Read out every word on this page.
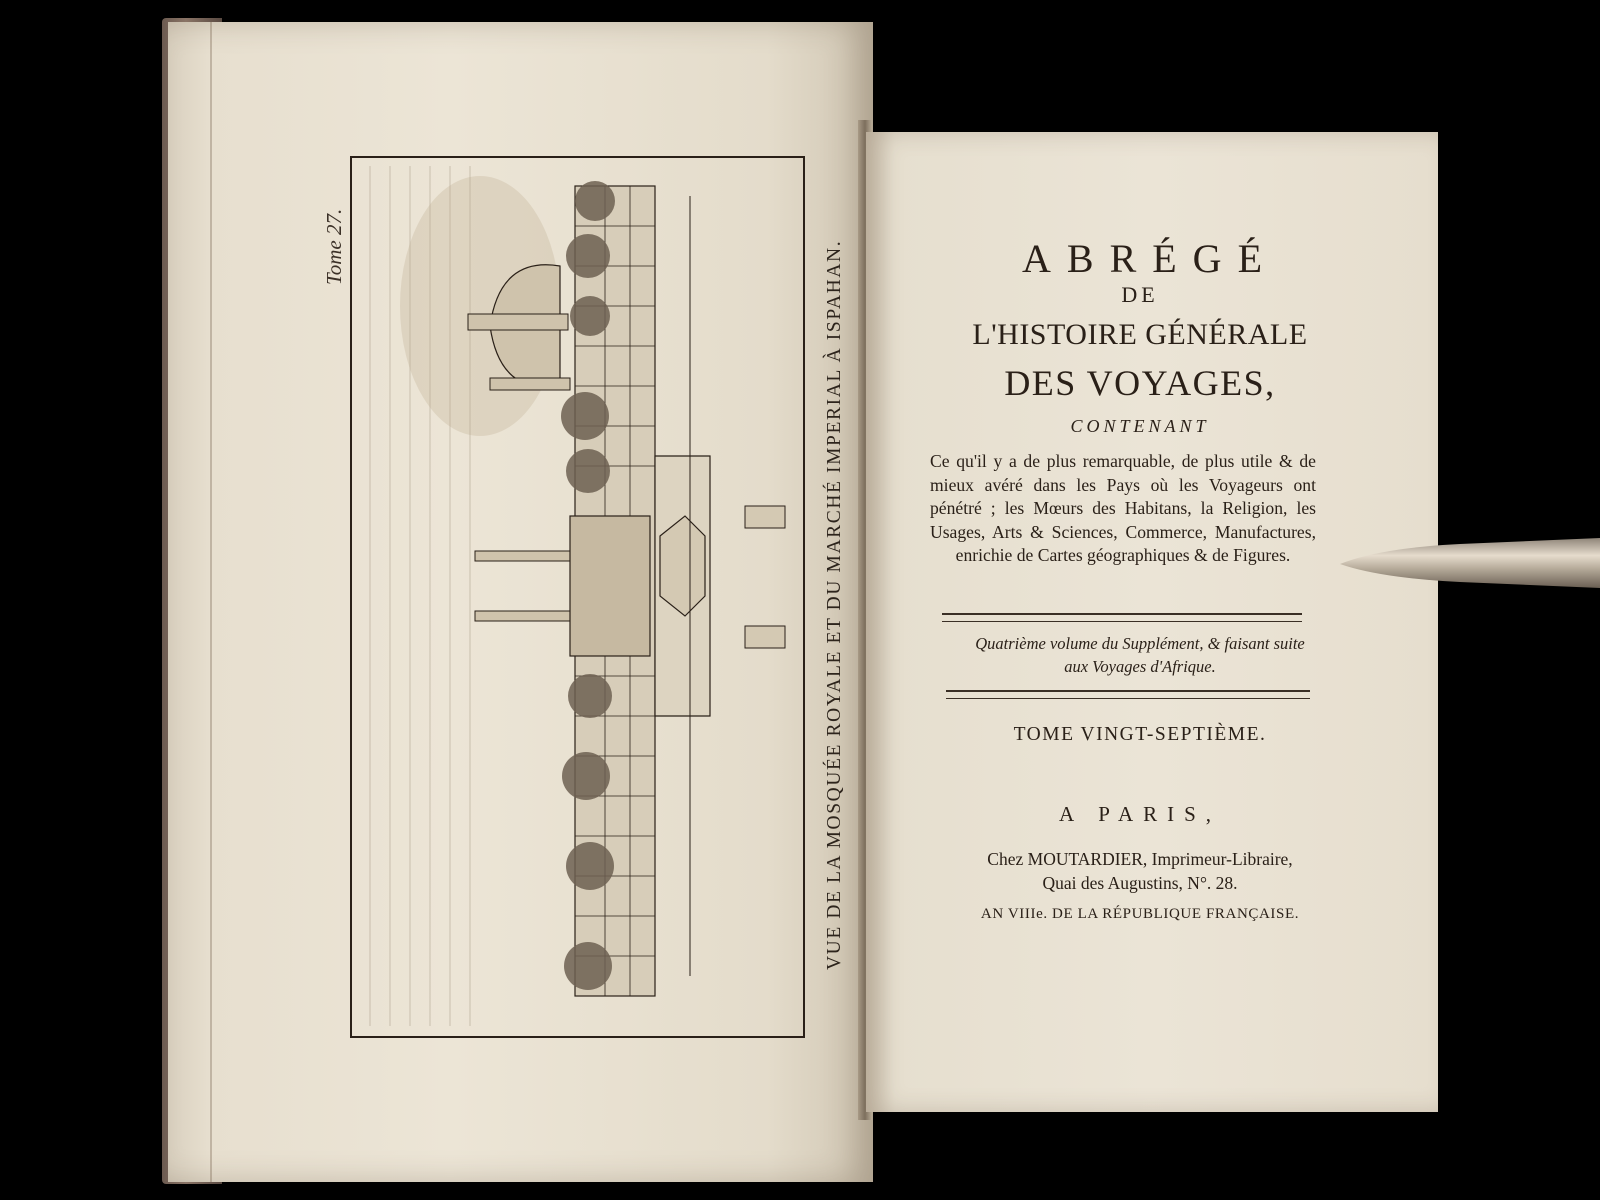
Tome 27.	VUE DE LA MOSQUÉE ROYALE ET DU MARCHÉ IMPERIAL À ISPAHAN.	ABRÉGÉ
DE
L'HISTOIRE GÉNÉRALE
DES VOYAGES,
CONTENANT
Ce qu'il y a de plus remarquable, de plus utile & de mieux avéré dans les Pays où les Voyageurs ont pénétré ; les Mœurs des Habitans, la Religion, les Usages, Arts & Sciences, Commerce, Manufactures, enrichie de Cartes géographiques & de Figures.
Quatrième volume du Supplément, & faisant suite
aux Voyages d'Afrique.
TOME VINGT-SEPTIÈME.
A PARIS,
Chez MOUTARDIER, Imprimeur-Libraire,
Quai des Augustins, N°. 28.
AN VIIIe. DE LA RÉPUBLIQUE FRANÇAISE.
